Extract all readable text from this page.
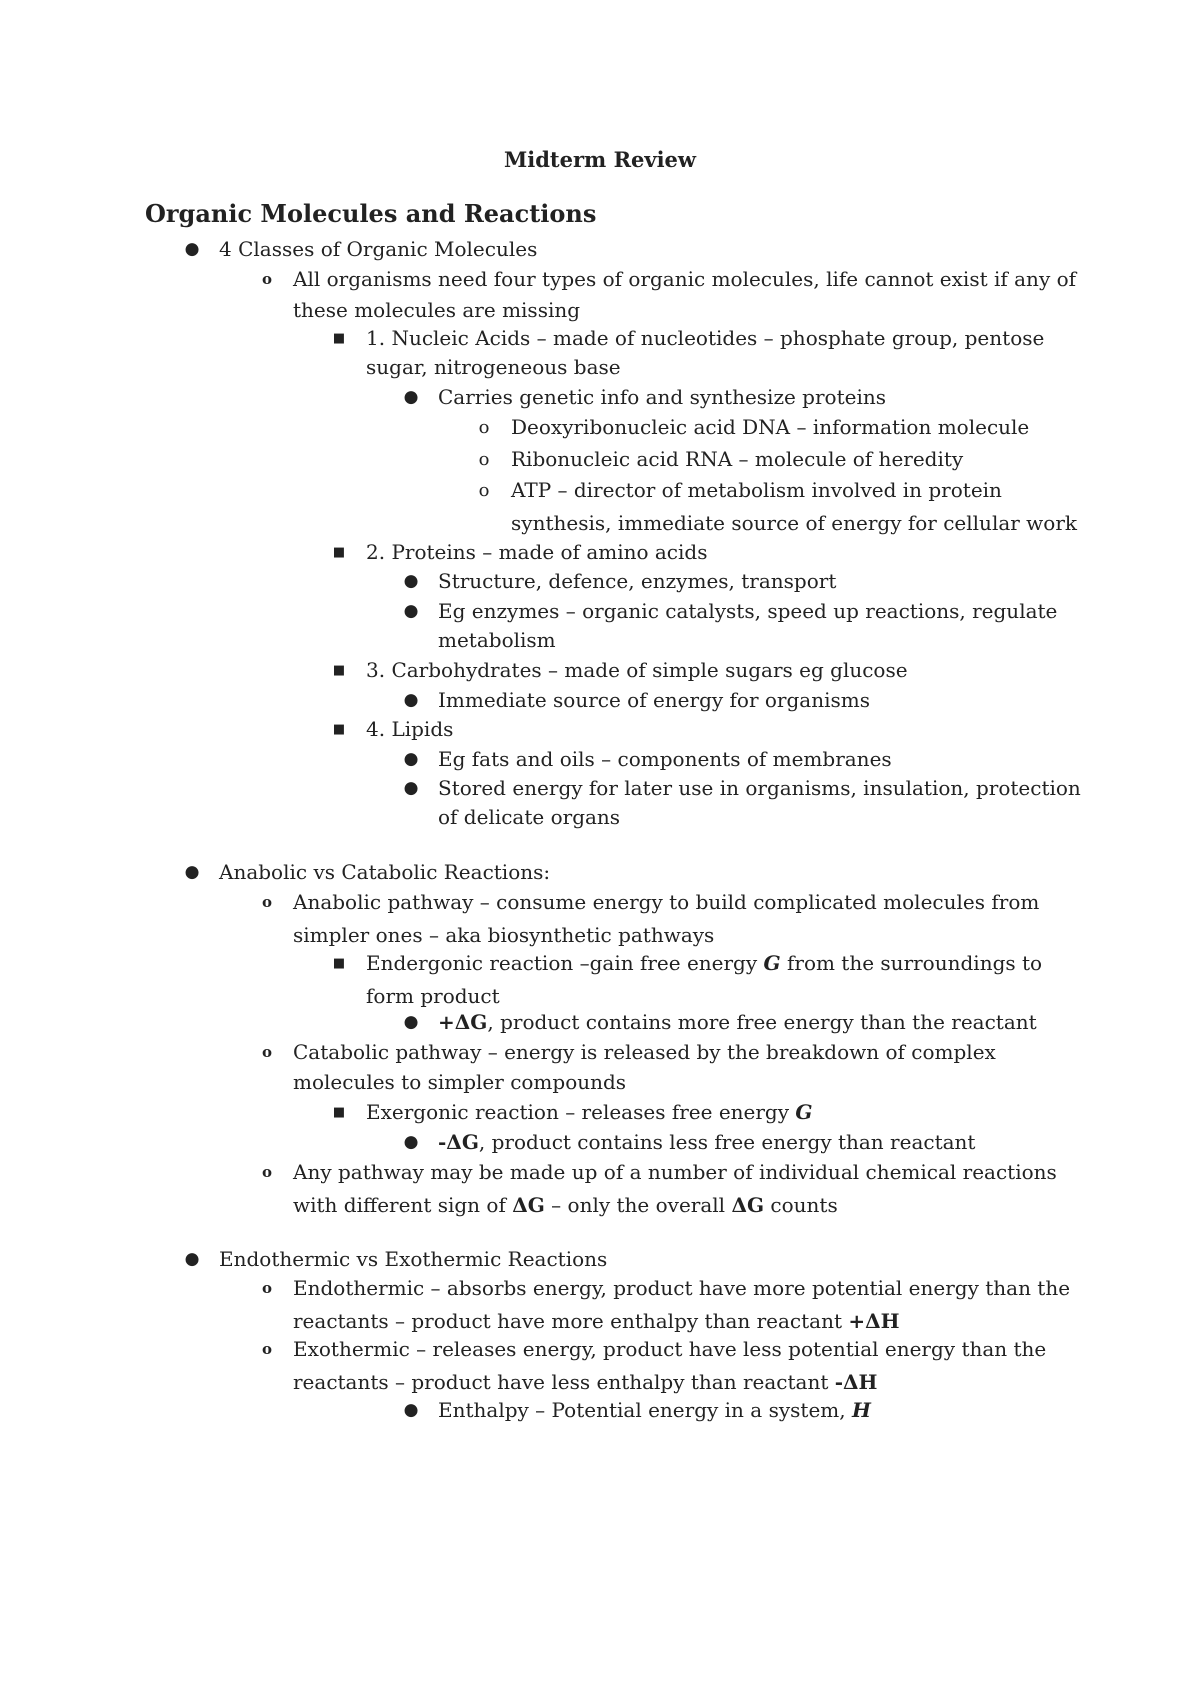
Midterm Review
Organic Molecules and Reactions
● 4 Classes of Organic Molecules
o All organisms need four types of organic molecules, life cannot exist if any of
these molecules are missing
■ 1. Nucleic Acids – made of nucleotides – phosphate group, pentose
sugar, nitrogeneous base
● Carries genetic info and synthesize proteins
o Deoxyribonucleic acid DNA – information molecule
o Ribonucleic acid RNA – molecule of heredity
o ATP – director of metabolism involved in protein
synthesis, immediate source of energy for cellular work
■ 2. Proteins – made of amino acids
● Structure, defence, enzymes, transport
● Eg enzymes – organic catalysts, speed up reactions, regulate
metabolism
■ 3. Carbohydrates – made of simple sugars eg glucose
● Immediate source of energy for organisms
■ 4. Lipids
● Eg fats and oils – components of membranes
● Stored energy for later use in organisms, insulation, protection
of delicate organs
● Anabolic vs Catabolic Reactions:
o Anabolic pathway – consume energy to build complicated molecules from
simpler ones – aka biosynthetic pathways
■ Endergonic reaction –gain free energy G from the surroundings to
form product
● +ΔG, product contains more free energy than the reactant
o Catabolic pathway – energy is released by the breakdown of complex
molecules to simpler compounds
■ Exergonic reaction – releases free energy G
● -ΔG, product contains less free energy than reactant
o Any pathway may be made up of a number of individual chemical reactions
with different sign of ΔG – only the overall ΔG counts
● Endothermic vs Exothermic Reactions
o Endothermic – absorbs energy, product have more potential energy than the
reactants – product have more enthalpy than reactant +ΔH
o Exothermic – releases energy, product have less potential energy than the
reactants – product have less enthalpy than reactant -ΔH
● Enthalpy – Potential energy in a system, H
